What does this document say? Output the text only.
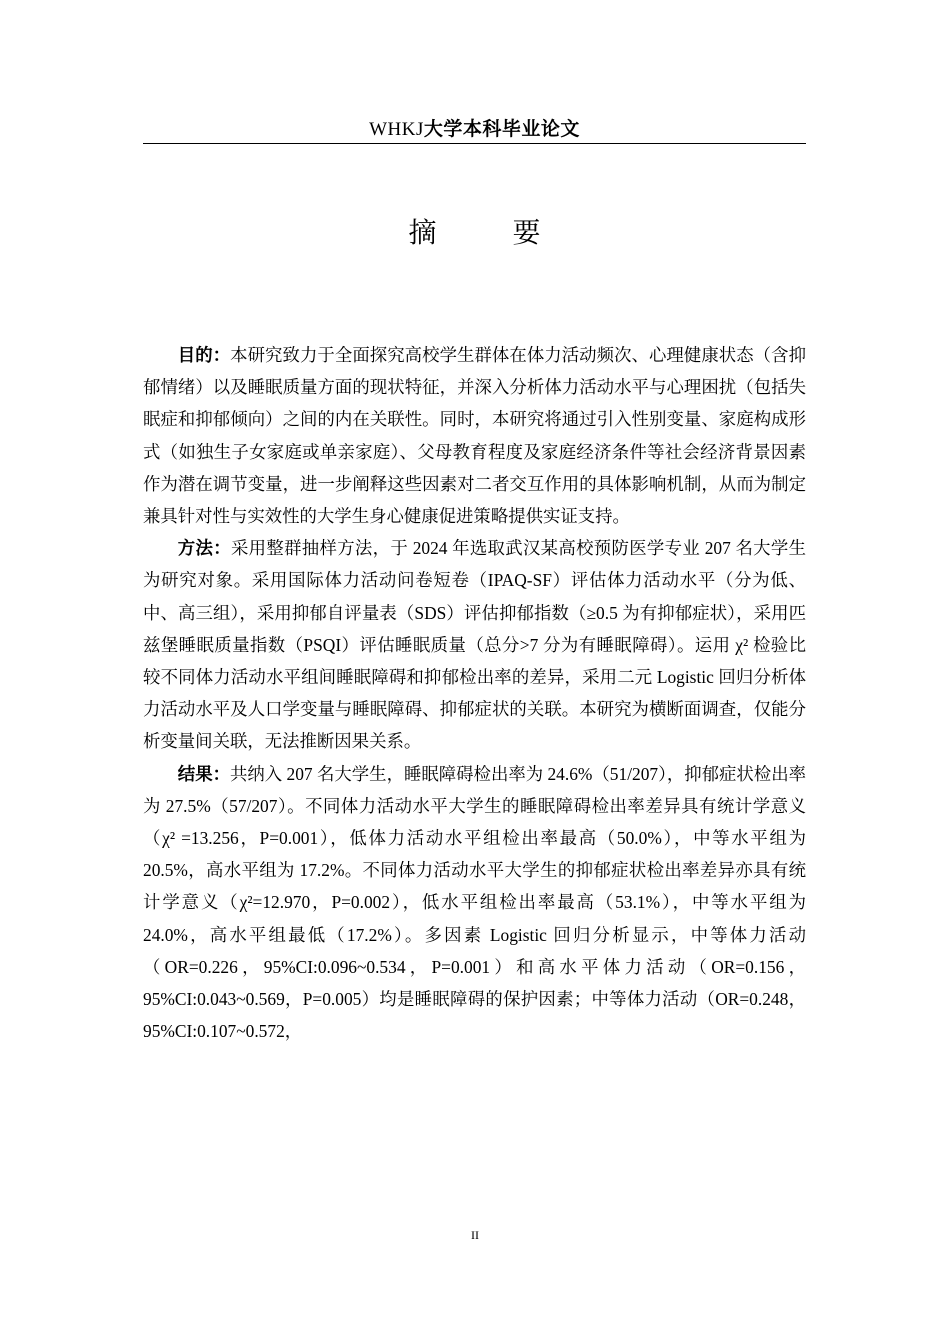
WHKJ大学本科毕业论文
摘　要

目的：本研究致力于全面探究高校学生群体在体力活动频次、心理健康状态（含抑郁情绪）以及睡眠质量方面的现状特征，并深入分析体力活动水平与心理困扰（包括失眠症和抑郁倾向）之间的内在关联性。同时，本研究将通过引入性别变量、家庭构成形式（如独生子女家庭或单亲家庭）、父母教育程度及家庭经济条件等社会经济背景因素作为潜在调节变量，进一步阐释这些因素对二者交互作用的具体影响机制，从而为制定兼具针对性与实效性的大学生身心健康促进策略提供实证支持。

方法：采用整群抽样方法，于 2024 年选取武汉某高校预防医学专业 207 名大学生为研究对象。采用国际体力活动问卷短卷（IPAQ-SF）评估体力活动水平（分为低、中、高三组），采用抑郁自评量表（SDS）评估抑郁指数（≥0.5 为有抑郁症状），采用匹兹堡睡眠质量指数（PSQI）评估睡眠质量（总分>7 分为有睡眠障碍）。运用 χ² 检验比较不同体力活动水平组间睡眠障碍和抑郁检出率的差异，采用二元 Logistic 回归分析体力活动水平及人口学变量与睡眠障碍、抑郁症状的关联。本研究为横断面调查，仅能分析变量间关联，无法推断因果关系。

结果：共纳入 207 名大学生，睡眠障碍检出率为 24.6%（51/207），抑郁症状检出率为 27.5%（57/207）。不同体力活动水平大学生的睡眠障碍检出率差异具有统计学意义（χ² =13.256，P=0.001），低体力活动水平组检出率最高（50.0%），中等水平组为 20.5%，高水平组为 17.2%。不同体力活动水平大学生的抑郁症状检出率差异亦具有统计学意义（χ²=12.970，P=0.002），低水平组检出率最高（53.1%），中等水平组为 24.0%，高水平组最低（17.2%）。多因素 Logistic 回归分析显示，中等体力活动（OR=0.226，95%CI:0.096~0.534，P=0.001）和高水平体力活动（OR=0.156，95%CI:0.043~0.569，P=0.005）均是睡眠障碍的保护因素；中等体力活动（OR=0.248，95%CI:0.107~0.572，

II
